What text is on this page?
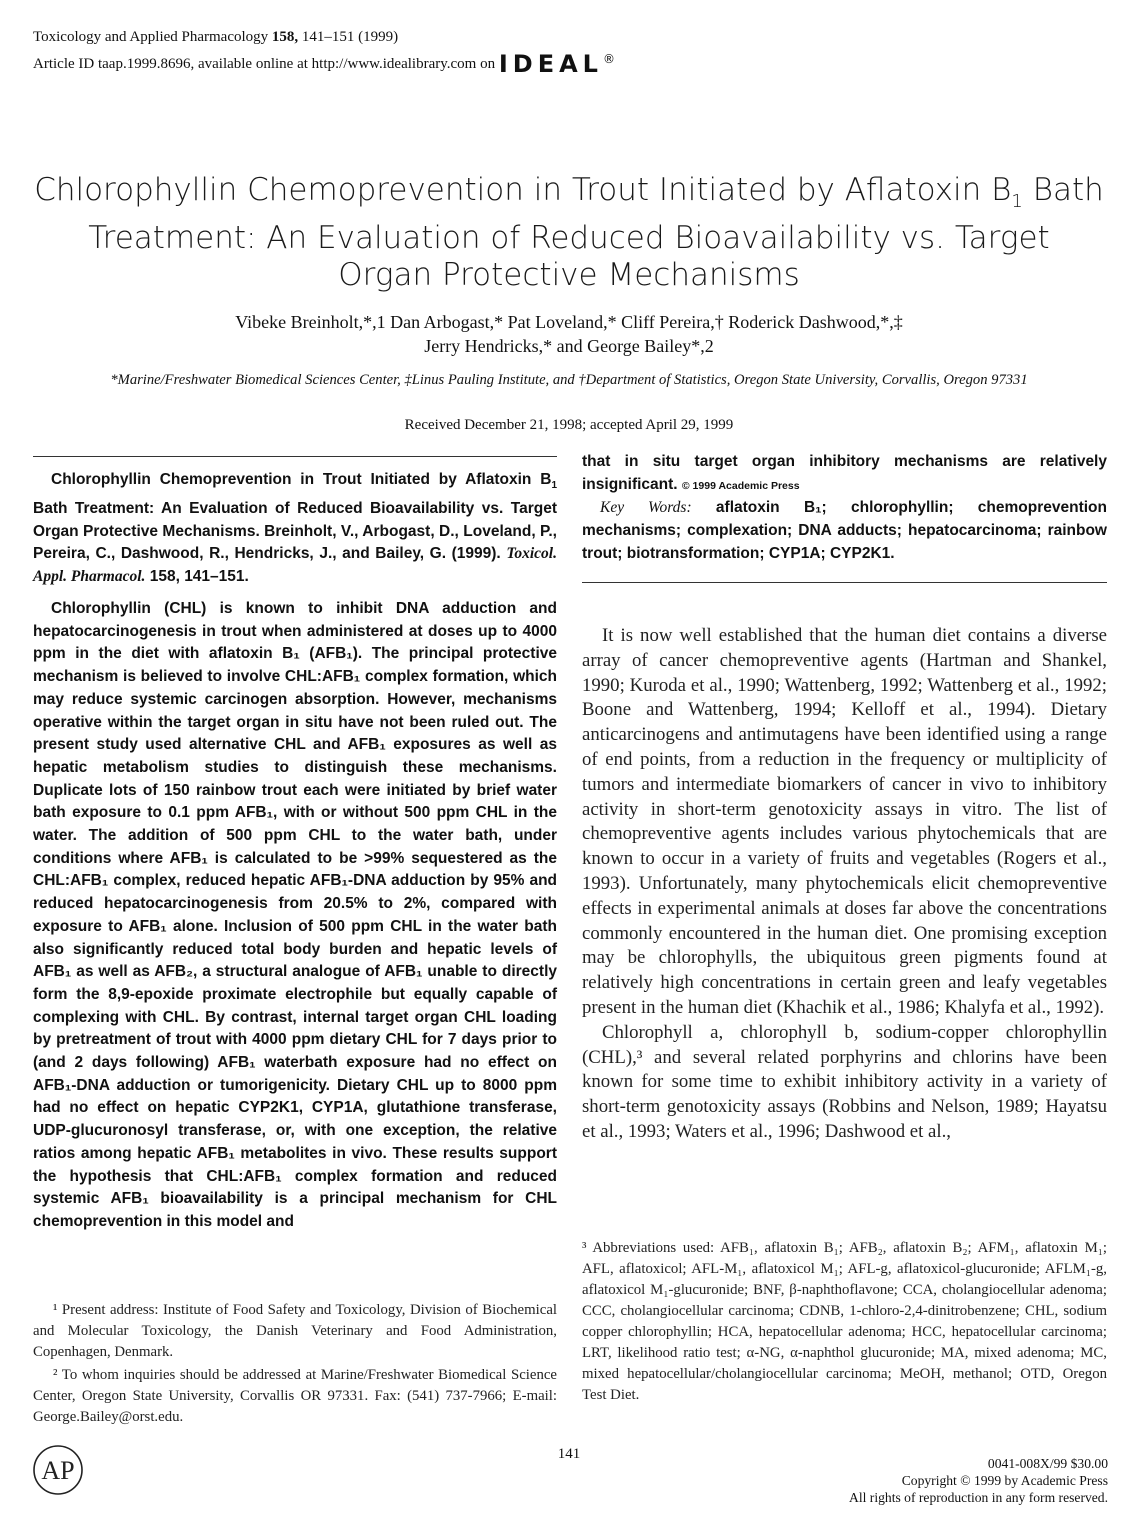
Toxicology and Applied Pharmacology 158, 141–151 (1999)
Article ID taap.1999.8696, available online at http://www.idealibrary.com on IDEAL®
Chlorophyllin Chemoprevention in Trout Initiated by Aflatoxin $B_1$ Bath
Treatment: An Evaluation of Reduced Bioavailability vs. Target
Organ Protective Mechanisms
Vibeke Breinholt,*,1 Dan Arbogast,* Pat Loveland,* Cliff Pereira,† Roderick Dashwood,*,‡
Jerry Hendricks,* and George Bailey*,2
*Marine/Freshwater Biomedical Sciences Center, ‡Linus Pauling Institute, and †Department of Statistics, Oregon State University, Corvallis, Oregon 97331
Received December 21, 1998; accepted April 29, 1999
Chlorophyllin Chemoprevention in Trout Initiated by Aflatoxin $B_1$ Bath Treatment: An Evaluation of Reduced Bioavailability vs. Target Organ Protective Mechanisms. Breinholt, V., Arbogast, D., Loveland, P., Pereira, C., Dashwood, R., Hendricks, J., and Bailey, G. (1999). Toxicol. Appl. Pharmacol. 158, 141–151.
Chlorophyllin (CHL) is known to inhibit DNA adduction and hepatocarcinogenesis in trout when administered at doses up to 4000 ppm in the diet with aflatoxin B₁ (AFB₁). The principal protective mechanism is believed to involve CHL:AFB₁ complex formation, which may reduce systemic carcinogen absorption. However, mechanisms operative within the target organ in situ have not been ruled out. The present study used alternative CHL and AFB₁ exposures as well as hepatic metabolism studies to distinguish these mechanisms. Duplicate lots of 150 rainbow trout each were initiated by brief water bath exposure to 0.1 ppm AFB₁, with or without 500 ppm CHL in the water. The addition of 500 ppm CHL to the water bath, under conditions where AFB₁ is calculated to be >99% sequestered as the CHL:AFB₁ complex, reduced hepatic AFB₁-DNA adduction by 95% and reduced hepatocarcinogenesis from 20.5% to 2%, compared with exposure to AFB₁ alone. Inclusion of 500 ppm CHL in the water bath also significantly reduced total body burden and hepatic levels of AFB₁ as well as AFB₂, a structural analogue of AFB₁ unable to directly form the 8,9-epoxide proximate electrophile but equally capable of complexing with CHL. By contrast, internal target organ CHL loading by pretreatment of trout with 4000 ppm dietary CHL for 7 days prior to (and 2 days following) AFB₁ waterbath exposure had no effect on AFB₁-DNA adduction or tumorigenicity. Dietary CHL up to 8000 ppm had no effect on hepatic CYP2K1, CYP1A, glutathione transferase, UDP-glucuronosyl transferase, or, with one exception, the relative ratios among hepatic AFB₁ metabolites in vivo. These results support the hypothesis that CHL:AFB₁ complex formation and reduced systemic AFB₁ bioavailability is a principal mechanism for CHL chemoprevention in this model and
that in situ target organ inhibitory mechanisms are relatively insignificant. © 1999 Academic Press
Key Words: aflatoxin B₁; chlorophyllin; chemoprevention mechanisms; complexation; DNA adducts; hepatocarcinoma; rainbow trout; biotransformation; CYP1A; CYP2K1.
It is now well established that the human diet contains a diverse array of cancer chemopreventive agents (Hartman and Shankel, 1990; Kuroda et al., 1990; Wattenberg, 1992; Wattenberg et al., 1992; Boone and Wattenberg, 1994; Kelloff et al., 1994). Dietary anticarcinogens and antimutagens have been identified using a range of end points, from a reduction in the frequency or multiplicity of tumors and intermediate biomarkers of cancer in vivo to inhibitory activity in short-term genotoxicity assays in vitro. The list of chemopreventive agents includes various phytochemicals that are known to occur in a variety of fruits and vegetables (Rogers et al., 1993). Unfortunately, many phytochemicals elicit chemopreventive effects in experimental animals at doses far above the concentrations commonly encountered in the human diet. One promising exception may be chlorophylls, the ubiquitous green pigments found at relatively high concentrations in certain green and leafy vegetables present in the human diet (Khachik et al., 1986; Khalyfa et al., 1992).
Chlorophyll a, chlorophyll b, sodium-copper chlorophyllin (CHL),³ and several related porphyrins and chlorins have been known for some time to exhibit inhibitory activity in a variety of short-term genotoxicity assays (Robbins and Nelson, 1989; Hayatsu et al., 1993; Waters et al., 1996; Dashwood et al.,
¹ Present address: Institute of Food Safety and Toxicology, Division of Biochemical and Molecular Toxicology, the Danish Veterinary and Food Administration, Copenhagen, Denmark.
² To whom inquiries should be addressed at Marine/Freshwater Biomedical Science Center, Oregon State University, Corvallis OR 97331. Fax: (541) 737-7966; E-mail: George.Bailey@orst.edu.
³ Abbreviations used: AFB₁, aflatoxin B₁; AFB₂, aflatoxin B₂; AFM₁, aflatoxin M₁; AFL, aflatoxicol; AFL-M₁, aflatoxicol M₁; AFL-g, aflatoxicol-glucuronide; AFLM₁-g, aflatoxicol M₁-glucuronide; BNF, β-naphthoflavone; CCA, cholangiocellular adenoma; CCC, cholangiocellular carcinoma; CDNB, 1-chloro-2,4-dinitrobenzene; CHL, sodium copper chlorophyllin; HCA, hepatocellular adenoma; HCC, hepatocellular carcinoma; LRT, likelihood ratio test; α-NG, α-naphthol glucuronide; MA, mixed adenoma; MC, mixed hepatocellular/cholangiocellular carcinoma; MeOH, methanol; OTD, Oregon Test Diet.
AP
141
0041-008X/99 $30.00
Copyright © 1999 by Academic Press
All rights of reproduction in any form reserved.
